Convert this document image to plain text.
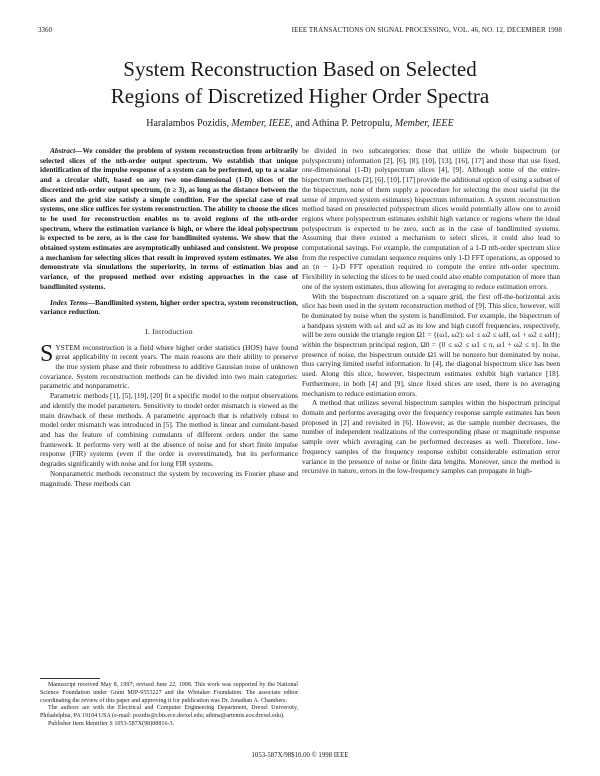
3360	IEEE TRANSACTIONS ON SIGNAL PROCESSING, VOL. 46, NO. 12, DECEMBER 1998
System Reconstruction Based on Selected
Regions of Discretized Higher Order Spectra
Haralambos Pozidis, Member, IEEE, and Athina P. Petropulu, Member, IEEE

Abstract—We consider the problem of system reconstruction from arbitrarily selected slices of the nth-order output spectrum. We establish that unique identification of the impulse response of a system can be performed, up to a scalar and a circular shift, based on any two one-dimensional (1-D) slices of the discretized nth-order output spectrum, (n ≥ 3), as long as the distance between the slices and the grid size satisfy a simple condition. For the special case of real systems, one slice suffices for system reconstruction. The ability to choose the slices to be used for reconstruction enables us to avoid regions of the nth-order spectrum, where the estimation variance is high, or where the ideal polyspectrum is expected to be zero, as is the case for bandlimited systems. We show that the obtained system estimates are asymptotically unbiased and consistent. We propose a mechanism for selecting slices that result in improved system estimates. We also demonstrate via simulations the superiority, in terms of estimation bias and variance, of the proposed method over existing approaches in the case of bandlimited systems.

Index Terms—Bandlimited system, higher order spectra, system reconstruction, variance reduction.

I. Introduction

SYSTEM reconstruction is a field where higher order statistics (HOS) have found great applicability in recent years. The main reasons are their ability to preserve the true system phase and their robustness to additive Gaussian noise of unknown covariance. System reconstruction methods can be divided into two main categories: parametric and nonparametric.

Parametric methods [1], [5], [19], [20] fit a specific model to the output observations and identify the model parameters. Sensitivity to model order mismatch is viewed as the main drawback of these methods. A parametric approach that is relatively robust to model order mismatch was introduced in [5]. The method is linear and cumulant-based and has the feature of combining cumulants of different orders under the same framework. It performs very well at the absence of noise and for short finite impulse response (FIR) systems (even if the order is overestimated), but its performance degrades significantly with noise and for long FIR systems.

Nonparametric methods reconstruct the system by recovering its Fourier phase and magnitude. These methods can

be divided in two subcategories: those that utilize the whole bispectrum (or polyspectrum) information [2], [6], [8], [10], [13], [16], [17] and those that use fixed, one-dimensional (1-D) polyspectrum slices [4], [9]. Although some of the entire-bispectrum methods [2], [6], [10], [17] provide the additional option of using a subset of the bispectrum, none of them supply a procedure for selecting the most useful (in the sense of improved system estimates) bispectrum information. A system reconstruction method based on preselected polyspectrum slices would potentially allow one to avoid regions where polyspectrum estimates exhibit high variance or regions where the ideal polyspectrum is expected to be zero, such as in the case of bandlimited systems. Assuming that there existed a mechanism to select slices, it could also lead to computational savings. For example, the computation of a 1-D nth-order spectrum slice from the respective cumulant sequence requires only 1-D FFT operations, as opposed to an (n − 1)-D FFT operation required to compute the entire nth-order spectrum. Flexibility in selecting the slices to be used could also enable computation of more than one of the system estimates, thus allowing for averaging to reduce estimation errors.

With the bispectrum discretized on a square grid, the first off-the-horizontal axis slice has been used in the system reconstruction method of [9]. This slice, however, will be dominated by noise when the system is bandlimited. For example, the bispectrum of a bandpass system with ω1 and ω2 as its low and high cutoff frequencies, respectively, will be zero outside the triangle region Ω1 = {(ω1, ω2): ω1 ≤ ω2 ≤ ωH, ω1 + ω2 ≤ ωH}; within the bispectrum principal region, Ω0 = {0 ≤ ω2 ≤ ω1 ≤ π, ω1 + ω2 ≤ π}. In the presence of noise, the bispectrum outside Ω1 will be nonzero but dominated by noise, thus carrying limited useful information. In [4], the diagonal bispectrum slice has been used. Along this slice, however, bispectrum estimates exhibit high variance [18]. Furthermore, in both [4] and [9], since fixed slices are used, there is no averaging mechanism to reduce estimation errors.

A method that utilizes several bispectrum samples within the bispectrum principal domain and performs averaging over the frequency response sample estimates has been proposed in [2] and revisited in [6]. However, as the sample number decreases, the number of independent realizations of the corresponding phase or magnitude response sample over which averaging can be performed decreases as well. Therefore, low-frequency samples of the frequency response exhibit considerable estimation error variance in the presence of noise or finite data lengths. Moreover, since the method is recursive in nature, errors in the low-frequency samples can propagate in high-

Manuscript received May 8, 1997; revised June 22, 1998. This work was supported by the National Science Foundation under Grant MIP-9553227 and the Whitaker Foundation. The associate editor coordinating the review of this paper and approving it for publication was Dr. Jonathan A. Chambers.

The authors are with the Electrical and Computer Engineering Department, Drexel University, Philadelphia, PA 19104 USA (e-mail: pozidis@cbis.ece.drexel.edu; athina@artemis.ece.drexel.edu).

Publisher Item Identifier S 1053-587X(98)08816-3.

1053-587X/98$10.00 © 1998 IEEE
